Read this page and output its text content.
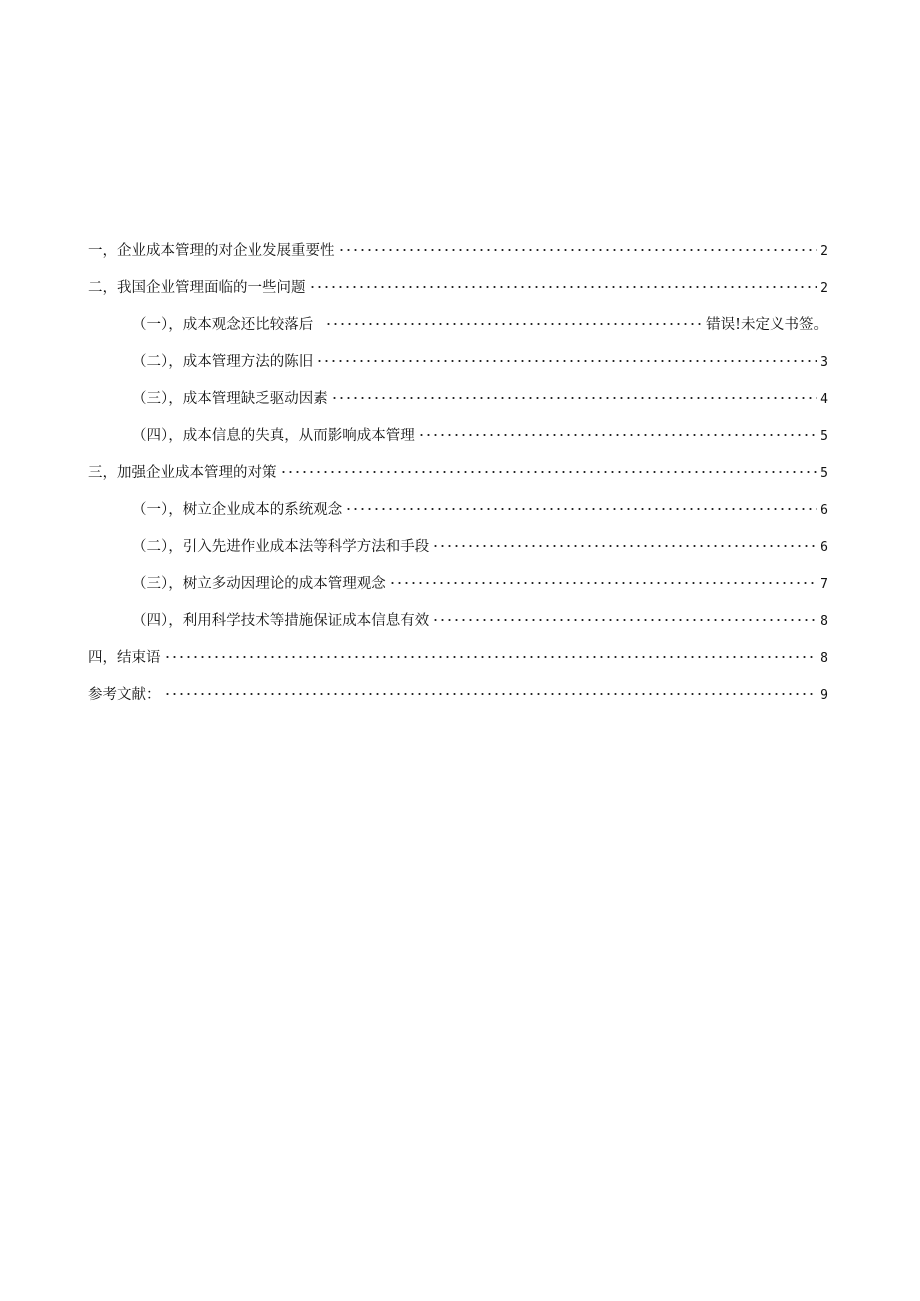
一，企业成本管理的对企业发展重要性	2
二，我国企业管理面临的一些问题	2
（一），成本观念还比较落后	错误!未定义书签。
（二），成本管理方法的陈旧	3
（三），成本管理缺乏驱动因素	4
（四），成本信息的失真，从而影响成本管理	5
三，加强企业成本管理的对策	5
（一），树立企业成本的系统观念	6
（二），引入先进作业成本法等科学方法和手段	6
（三），树立多动因理论的成本管理观念	7
（四），利用科学技术等措施保证成本信息有效	8
四，结束语	8
参考文献：	9
